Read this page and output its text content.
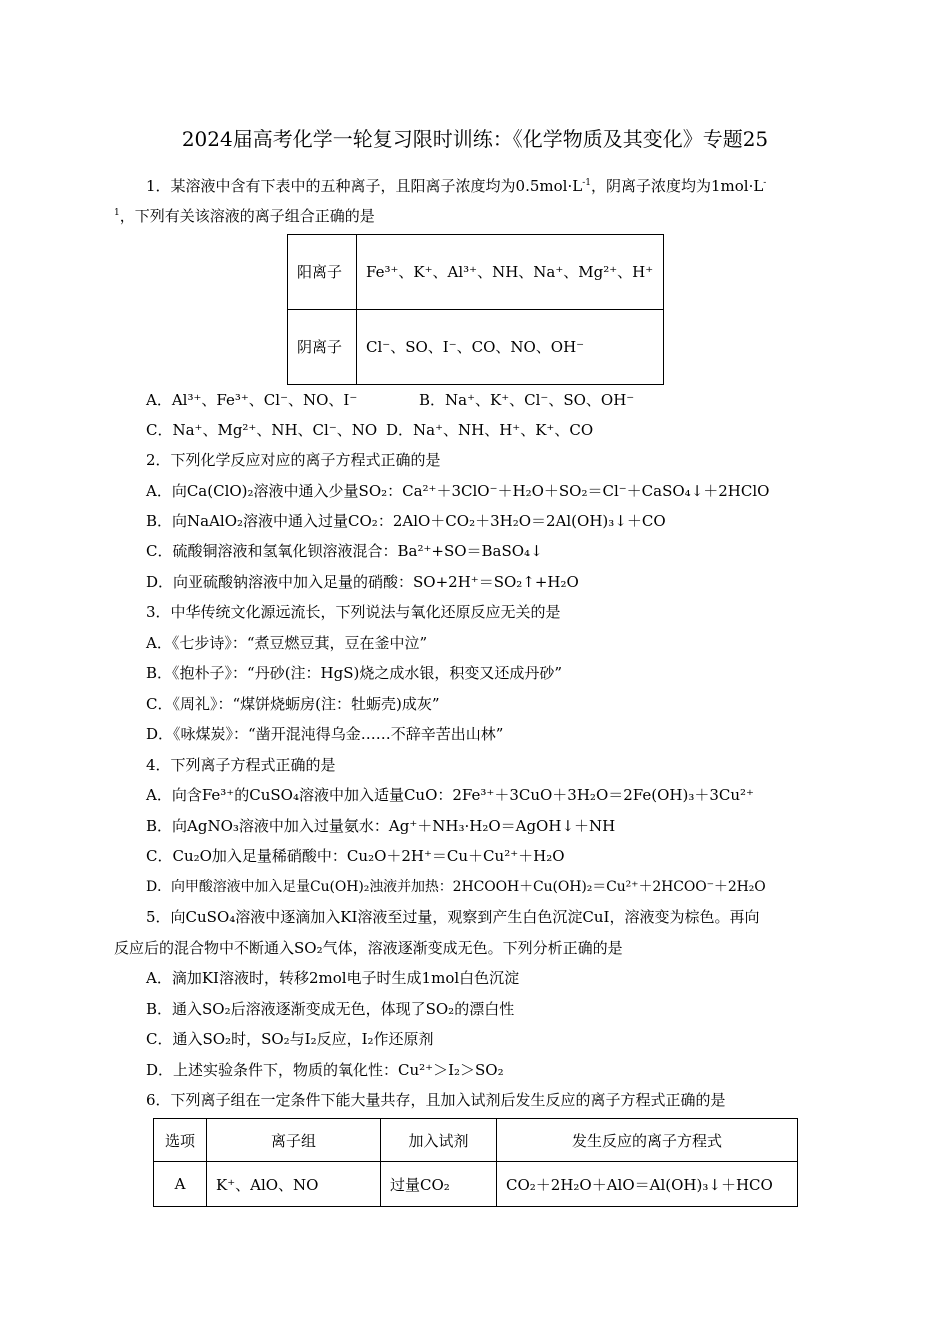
2024届高考化学一轮复习限时训练：《化学物质及其变化》专题25
1．某溶液中含有下表中的五种离子，且阳离子浓度均为$0.5mol\cdot L^{-1}$，阴离子浓度均为1mol·L-
$^1$，下列有关该溶液的离子组合正确的是
阳离子	Fe³⁺、K⁺、Al³⁺、NH、Na⁺、Mg²⁺、H⁺
阴离子	Cl⁻、SO、I⁻、CO、NO、OH⁻
A．Al³⁺、Fe³⁺、Cl⁻、NO、I⁻	B．Na⁺、K⁺、Cl⁻、SO、OH⁻
C．Na⁺、Mg²⁺、NH、Cl⁻、NO D．Na⁺、NH、H⁺、K⁺、CO
2．下列化学反应对应的离子方程式正确的是
A．向Ca(ClO)₂溶液中通入少量SO₂：Ca²⁺＋3ClO⁻＋H₂O＋SO₂＝Cl⁻＋CaSO₄↓＋2HClO
B．向NaAlO₂溶液中通入过量CO₂：2AlO＋CO₂＋3H₂O＝2Al(OH)₃↓＋CO
C．硫酸铜溶液和氢氧化钡溶液混合：Ba²⁺+SO＝BaSO₄↓
D．向亚硫酸钠溶液中加入足量的硝酸：SO+2H⁺＝SO₂↑+H₂O
3．中华传统文化源远流长，下列说法与氧化还原反应无关的是
A．《七步诗》：“煮豆燃豆萁，豆在釜中泣”
B．《抱朴子》：“丹砂(注：HgS)烧之成水银，积变又还成丹砂”
C．《周礼》：“煤饼烧蛎房(注：牡蛎壳)成灰”
D．《咏煤炭》：“凿开混沌得乌金……不辞辛苦出山林”
4．下列离子方程式正确的是
A．向含Fe³⁺的CuSO₄溶液中加入适量CuO：2Fe³⁺＋3CuO＋3H₂O＝2Fe(OH)₃＋3Cu²⁺
B．向AgNO₃溶液中加入过量氨水：Ag⁺＋NH₃·H₂O＝AgOH↓＋NH
C．Cu₂O加入足量稀硝酸中：Cu₂O＋2H⁺＝Cu＋Cu²⁺＋H₂O
D．向甲酸溶液中加入足量Cu(OH)₂浊液并加热：2HCOOH＋Cu(OH)₂＝Cu²⁺＋2HCOO⁻＋2H₂O
5．向CuSO₄溶液中逐滴加入KI溶液至过量，观察到产生白色沉淀CuI，溶液变为棕色。再向
反应后的混合物中不断通入SO₂气体，溶液逐渐变成无色。下列分析正确的是
A．滴加KI溶液时，转移2mol电子时生成1mol白色沉淀
B．通入SO₂后溶液逐渐变成无色，体现了SO₂的漂白性
C．通入SO₂时，SO₂与I₂反应，I₂作还原剂
D．上述实验条件下，物质的氧化性：Cu²⁺＞I₂＞SO₂
6．下列离子组在一定条件下能大量共存，且加入试剂后发生反应的离子方程式正确的是
选项	离子组	加入试剂	发生反应的离子方程式
A	K⁺、AlO、NO	过量CO₂	CO₂＋2H₂O＋AlO＝Al(OH)₃↓＋HCO
